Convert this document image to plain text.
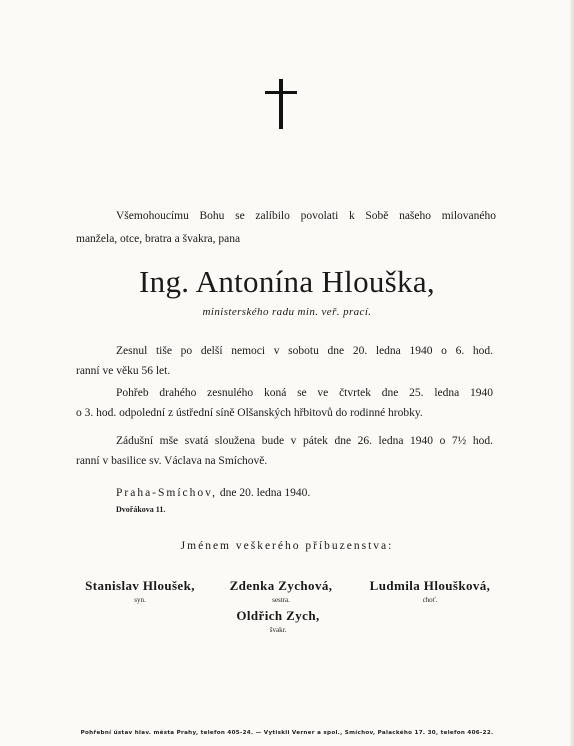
Všemohoucímu Bohu se zalíbilo povolati k Sobě našeho milovaného
manžela, otce, bratra a švakra, pana
Ing. Antonína Hlouška,
ministerského radu min. veř. prací.
Zesnul tiše po delší nemoci v sobotu dne 20. ledna 1940 o 6. hod.
ranní ve věku 56 let.
Pohřeb drahého zesnulého koná se ve čtvrtek dne 25. ledna 1940
o 3. hod. odpolední z ústřední síně Olšanských hřbitovů do rodinné hrobky.
Zádušní mše svatá sloužena bude v pátek dne 26. ledna 1940 o 7½ hod.
ranní v basilice sv. Václava na Smíchově.
Praha-Smíchov, dne 20. ledna 1940.
Dvořákova 11.
Jménem veškerého příbuzenstva:
Stanislav Hloušek,
syn.
Zdenka Zychová,
sestra.
Ludmila Hloušková,
choť.
Oldřich Zych,
švakr.
Pohřební ústav hlav. města Prahy, telefon 405-24. — Vytiskli Verner a spol., Smíchov, Palackého 17. 30, telefon 406-22.
